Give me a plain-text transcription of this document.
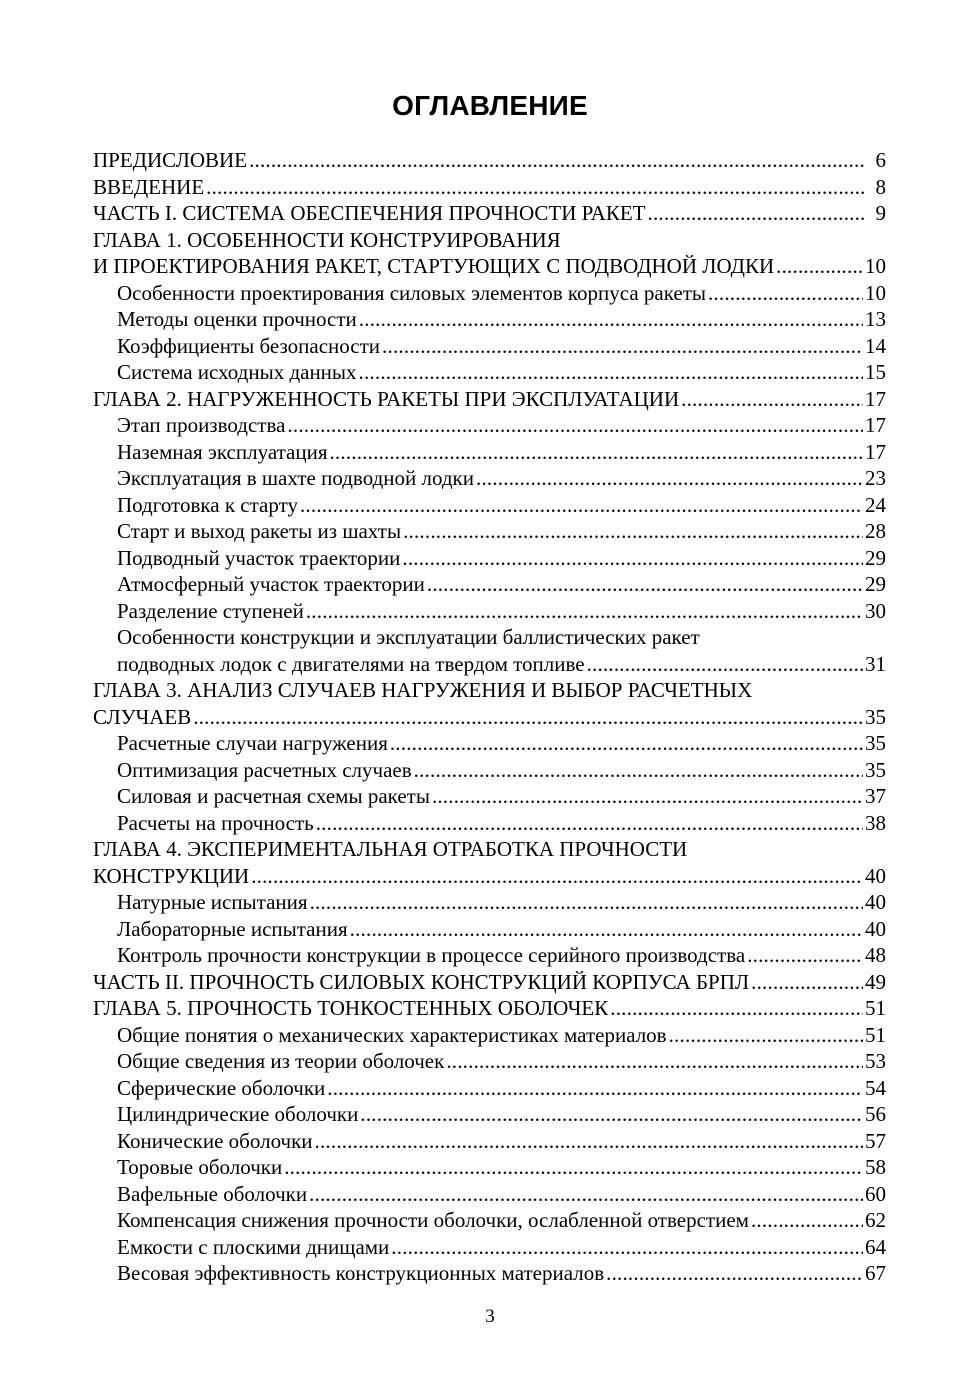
ОГЛАВЛЕНИЕ
ПРЕДИСЛОВИЕ .....	6
ВВЕДЕНИЕ .....	8
ЧАСТЬ I. СИСТЕМА ОБЕСПЕЧЕНИЯ ПРОЧНОСТИ РАКЕТ .....	9
ГЛАВА 1. ОСОБЕННОСТИ КОНСТРУИРОВАНИЯ
И ПРОЕКТИРОВАНИЯ РАКЕТ, СТАРТУЮЩИХ С ПОДВОДНОЙ ЛОДКИ .....	10
Особенности проектирования силовых элементов корпуса ракеты .....	10
Методы оценки прочности .....	13
Коэффициенты безопасности .....	14
Система исходных данных .....	15
ГЛАВА 2. НАГРУЖЕННОСТЬ РАКЕТЫ ПРИ ЭКСПЛУАТАЦИИ .....	17
Этап производства .....	17
Наземная эксплуатация .....	17
Эксплуатация в шахте подводной лодки .....	23
Подготовка к старту .....	24
Старт и выход ракеты из шахты .....	28
Подводный участок траектории .....	29
Атмосферный участок траектории .....	29
Разделение ступеней .....	30
Особенности конструкции и эксплуатации баллистических ракет
подводных лодок с двигателями на твердом топливе .....	31
ГЛАВА 3. АНАЛИЗ СЛУЧАЕВ НАГРУЖЕНИЯ И ВЫБОР РАСЧЕТНЫХ
СЛУЧАЕВ .....	35
Расчетные случаи нагружения .....	35
Оптимизация расчетных случаев .....	35
Силовая и расчетная схемы ракеты .....	37
Расчеты на прочность .....	38
ГЛАВА 4. ЭКСПЕРИМЕНТАЛЬНАЯ ОТРАБОТКА ПРОЧНОСТИ
КОНСТРУКЦИИ .....	40
Натурные испытания .....	40
Лабораторные испытания .....	40
Контроль прочности конструкции в процессе серийного производства .....	48
ЧАСТЬ II. ПРОЧНОСТЬ СИЛОВЫХ КОНСТРУКЦИЙ КОРПУСА БРПЛ .....	49
ГЛАВА 5. ПРОЧНОСТЬ ТОНКОСТЕННЫХ ОБОЛОЧЕК .....	51
Общие понятия о механических характеристиках материалов .....	51
Общие сведения из теории оболочек .....	53
Сферические оболочки .....	54
Цилиндрические оболочки .....	56
Конические оболочки .....	57
Торовые оболочки .....	58
Вафельные оболочки .....	60
Компенсация снижения прочности оболочки, ослабленной отверстием .....	62
Емкости с плоскими днищами .....	64
Весовая эффективность конструкционных материалов .....	67
3
